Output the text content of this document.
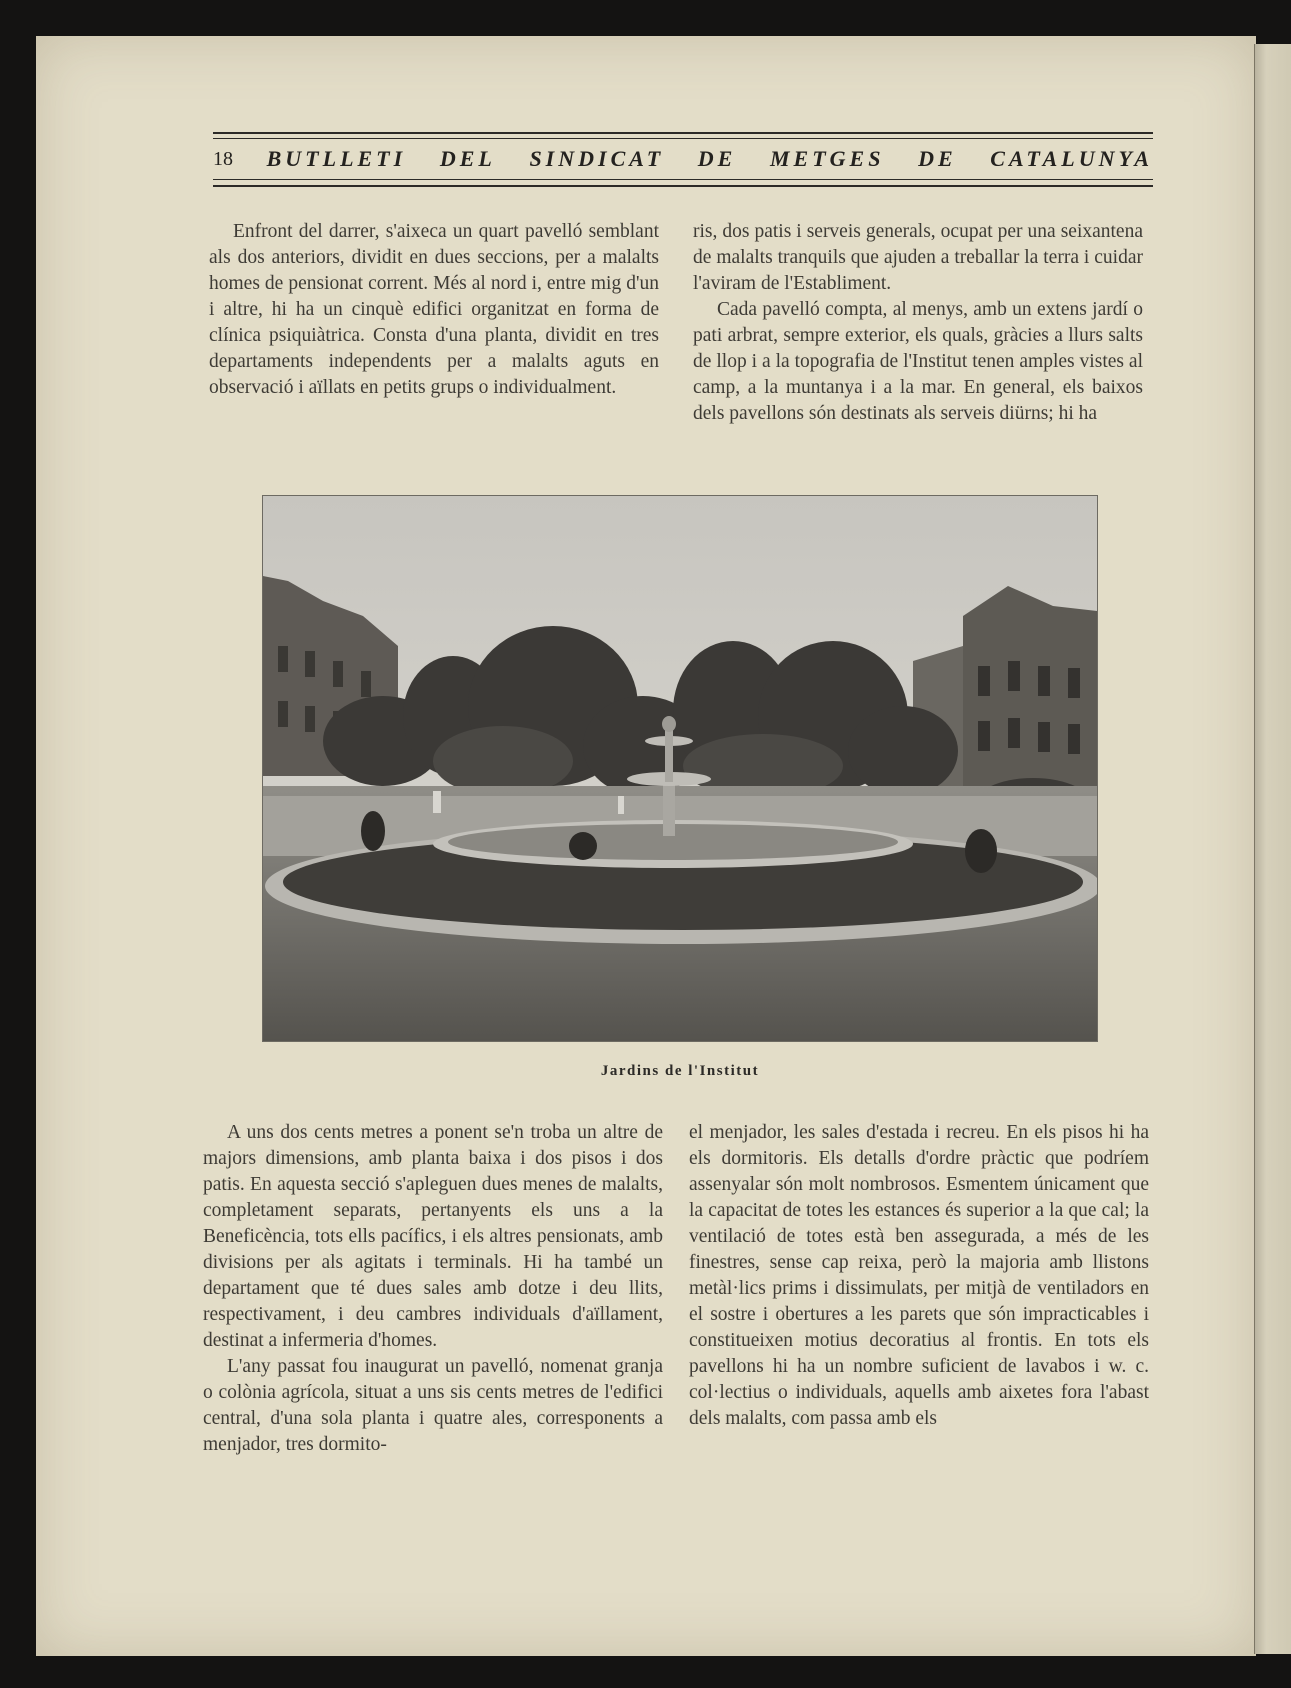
18 BUTLLETI DEL SINDICAT DE METGES DE CATALUNYA

Enfront del darrer, s'aixeca un quart pavelló semblant als dos anteriors, dividit en dues seccions, per a malalts homes de pensionat corrent. Més al nord i, entre mig d'un i altre, hi ha un cinquè edifici organitzat en forma de clínica psiquiàtrica. Consta d'una planta, dividit en tres departaments independents per a malalts aguts en observació i aïllats en petits grups o individualment.

ris, dos patis i serveis generals, ocupat per una seixantena de malalts tranquils que ajuden a treballar la terra i cuidar l'aviram de l'Establiment.

Cada pavelló compta, al menys, amb un extens jardí o pati arbrat, sempre exterior, els quals, gràcies a llurs salts de llop i a la topografia de l'Institut tenen amples vistes al camp, a la muntanya i a la mar. En general, els baixos dels pavellons són destinats als serveis diürns; hi ha

Jardins de l'Institut

A uns dos cents metres a ponent se'n troba un altre de majors dimensions, amb planta baixa i dos pisos i dos patis. En aquesta secció s'apleguen dues menes de malalts, completament separats, pertanyents els uns a la Beneficència, tots ells pacífics, i els altres pensionats, amb divisions per als agitats i terminals. Hi ha també un departament que té dues sales amb dotze i deu llits, respectivament, i deu cambres individuals d'aïllament, destinat a infermeria d'homes.

L'any passat fou inaugurat un pavelló, nomenat granja o colònia agrícola, situat a uns sis cents metres de l'edifici central, d'una sola planta i quatre ales, corresponents a menjador, tres dormito-

el menjador, les sales d'estada i recreu. En els pisos hi ha els dormitoris. Els detalls d'ordre pràctic que podríem assenyalar són molt nombrosos. Esmentem únicament que la capacitat de totes les estances és superior a la que cal; la ventilació de totes està ben assegurada, a més de les finestres, sense cap reixa, però la majoria amb llistons metàl·lics prims i dissimulats, per mitjà de ventiladors en el sostre i obertures a les parets que són impracticables i constitueixen motius decoratius al frontis. En tots els pavellons hi ha un nombre suficient de lavabos i w. c. col·lectius o individuals, aquells amb aixetes fora l'abast dels malalts, com passa amb els
